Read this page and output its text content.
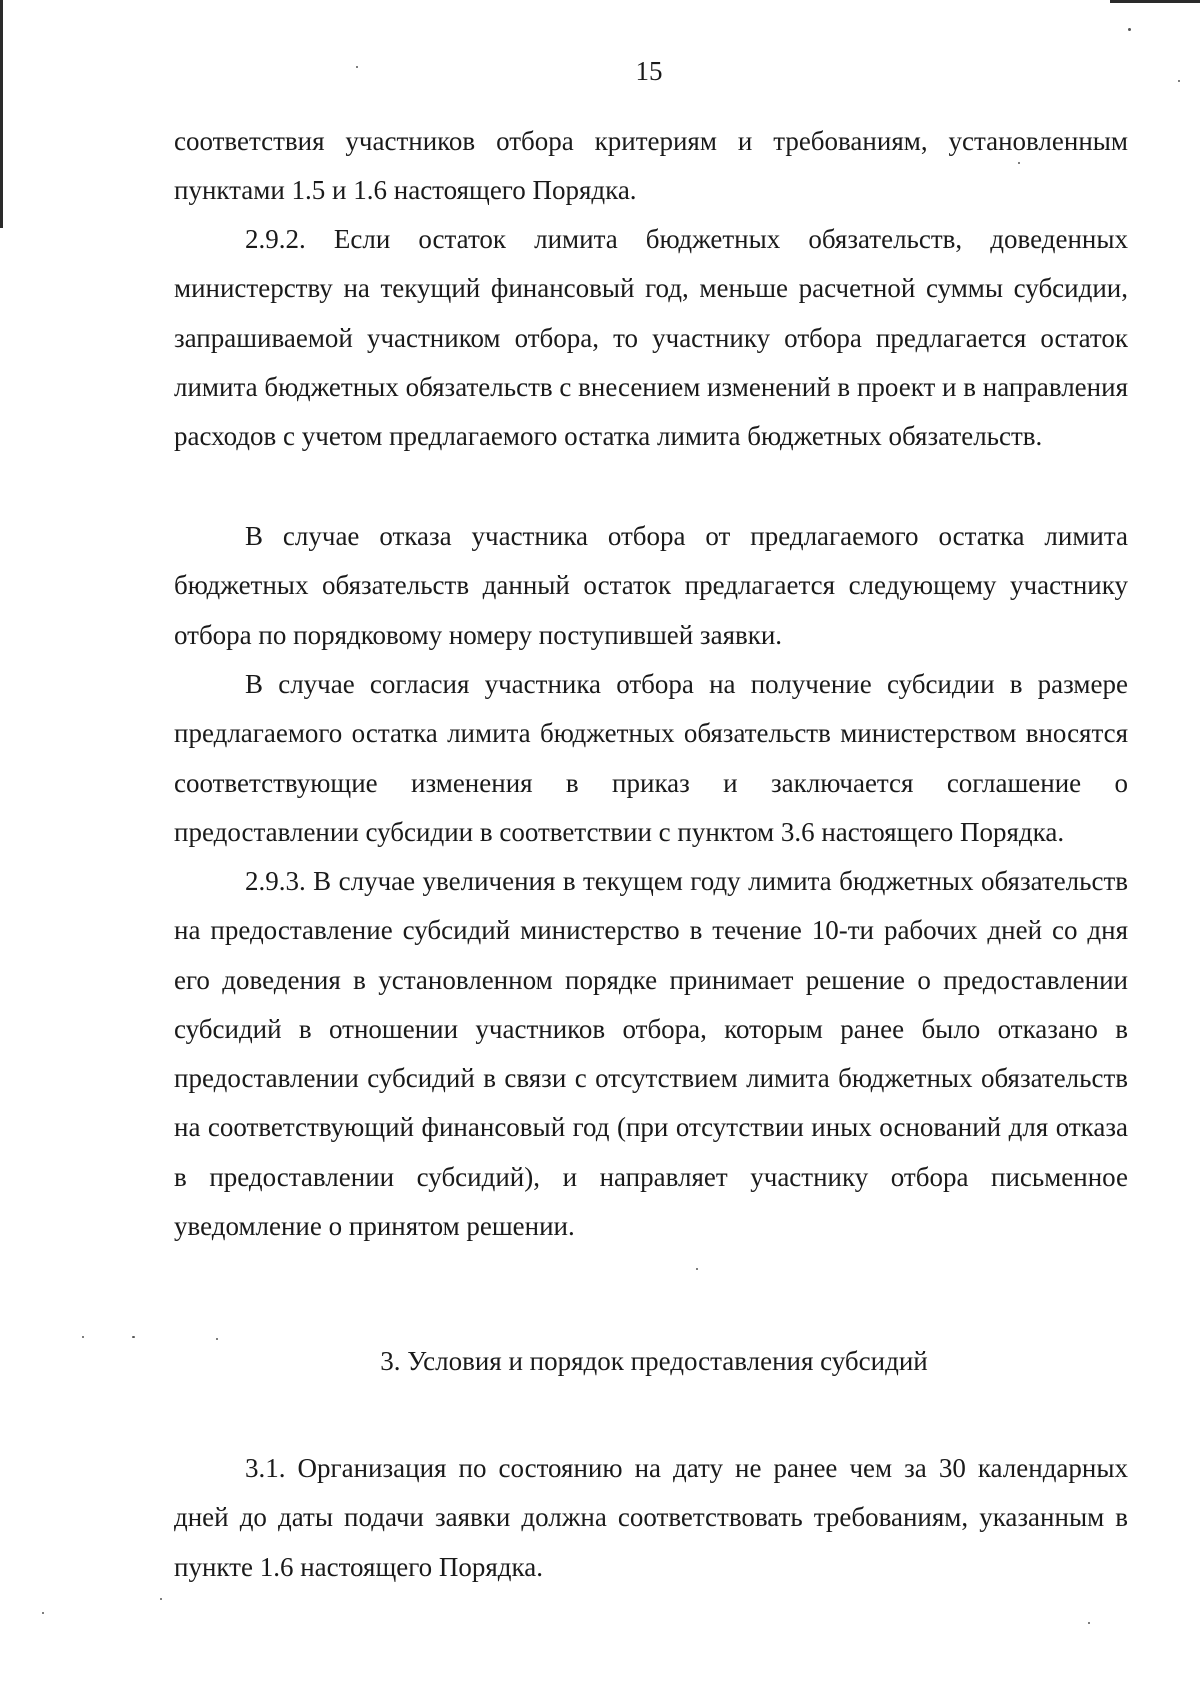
15

соответствия участников отбора критериям и требованиям, установленным пунктами 1.5 и 1.6 настоящего Порядка.

2.9.2. Если остаток лимита бюджетных обязательств, доведенных министерству на текущий финансовый год, меньше расчетной суммы субсидии, запрашиваемой участником отбора, то участнику отбора предлагается остаток лимита бюджетных обязательств с внесением изменений в проект и в направления расходов с учетом предлагаемого остатка лимита бюджетных обязательств.

В случае отказа участника отбора от предлагаемого остатка лимита бюджетных обязательств данный остаток предлагается следующему участнику отбора по порядковому номеру поступившей заявки.

В случае согласия участника отбора на получение субсидии в размере предлагаемого остатка лимита бюджетных обязательств министерством вносятся соответствующие изменения в приказ и заключается соглашение о предоставлении субсидии в соответствии с пунктом 3.6 настоящего Порядка.

2.9.3. В случае увеличения в текущем году лимита бюджетных обязательств на предоставление субсидий министерство в течение 10-ти рабочих дней со дня его доведения в установленном порядке принимает решение о предоставлении субсидий в отношении участников отбора, которым ранее было отказано в предоставлении субсидий в связи с отсутствием лимита бюджетных обязательств на соответствующий финансовый год (при отсутствии иных оснований для отказа в предоставлении субсидий), и направляет участнику отбора письменное уведомление о принятом решении.

3. Условия и порядок предоставления субсидий

3.1. Организация по состоянию на дату не ранее чем за 30 календарных дней до даты подачи заявки должна соответствовать требованиям, указанным в пункте 1.6 настоящего Порядка.
